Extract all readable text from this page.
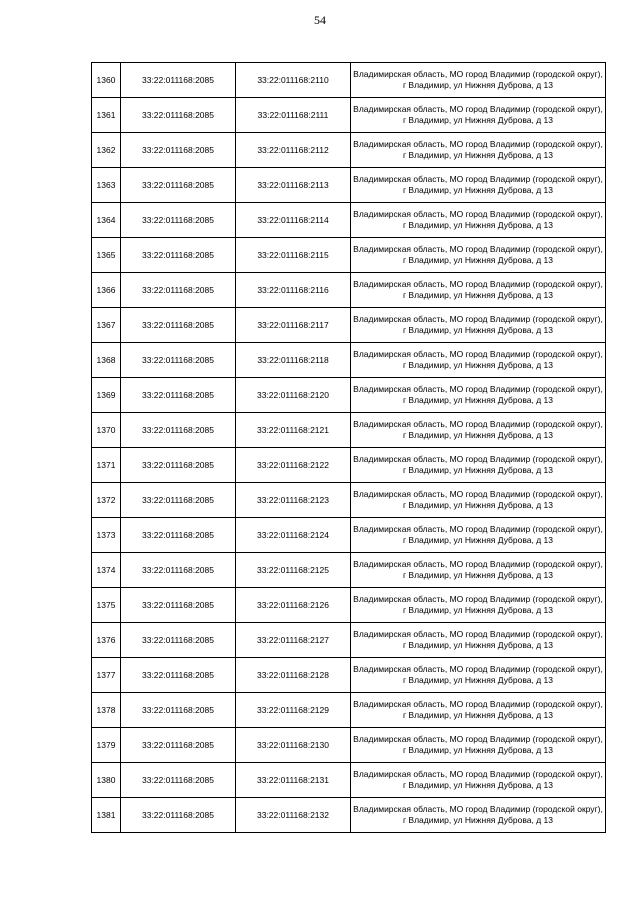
54
1360	33:22:011168:2085	33:22:011168:2110	Владимирская область, МО город Владимир (городской округ), г Владимир, ул Нижняя Дуброва, д 13
1361	33:22:011168:2085	33:22:011168:2111	Владимирская область, МО город Владимир (городской округ), г Владимир, ул Нижняя Дуброва, д 13
1362	33:22:011168:2085	33:22:011168:2112	Владимирская область, МО город Владимир (городской округ), г Владимир, ул Нижняя Дуброва, д 13
1363	33:22:011168:2085	33:22:011168:2113	Владимирская область, МО город Владимир (городской округ), г Владимир, ул Нижняя Дуброва, д 13
1364	33:22:011168:2085	33:22:011168:2114	Владимирская область, МО город Владимир (городской округ), г Владимир, ул Нижняя Дуброва, д 13
1365	33:22:011168:2085	33:22:011168:2115	Владимирская область, МО город Владимир (городской округ), г Владимир, ул Нижняя Дуброва, д 13
1366	33:22:011168:2085	33:22:011168:2116	Владимирская область, МО город Владимир (городской округ), г Владимир, ул Нижняя Дуброва, д 13
1367	33:22:011168:2085	33:22:011168:2117	Владимирская область, МО город Владимир (городской округ), г Владимир, ул Нижняя Дуброва, д 13
1368	33:22:011168:2085	33:22:011168:2118	Владимирская область, МО город Владимир (городской округ), г Владимир, ул Нижняя Дуброва, д 13
1369	33:22:011168:2085	33:22:011168:2120	Владимирская область, МО город Владимир (городской округ), г Владимир, ул Нижняя Дуброва, д 13
1370	33:22:011168:2085	33:22:011168:2121	Владимирская область, МО город Владимир (городской округ), г Владимир, ул Нижняя Дуброва, д 13
1371	33:22:011168:2085	33:22:011168:2122	Владимирская область, МО город Владимир (городской округ), г Владимир, ул Нижняя Дуброва, д 13
1372	33:22:011168:2085	33:22:011168:2123	Владимирская область, МО город Владимир (городской округ), г Владимир, ул Нижняя Дуброва, д 13
1373	33:22:011168:2085	33:22:011168:2124	Владимирская область, МО город Владимир (городской округ), г Владимир, ул Нижняя Дуброва, д 13
1374	33:22:011168:2085	33:22:011168:2125	Владимирская область, МО город Владимир (городской округ), г Владимир, ул Нижняя Дуброва, д 13
1375	33:22:011168:2085	33:22:011168:2126	Владимирская область, МО город Владимир (городской округ), г Владимир, ул Нижняя Дуброва, д 13
1376	33:22:011168:2085	33:22:011168:2127	Владимирская область, МО город Владимир (городской округ), г Владимир, ул Нижняя Дуброва, д 13
1377	33:22:011168:2085	33:22:011168:2128	Владимирская область, МО город Владимир (городской округ), г Владимир, ул Нижняя Дуброва, д 13
1378	33:22:011168:2085	33:22:011168:2129	Владимирская область, МО город Владимир (городской округ), г Владимир, ул Нижняя Дуброва, д 13
1379	33:22:011168:2085	33:22:011168:2130	Владимирская область, МО город Владимир (городской округ), г Владимир, ул Нижняя Дуброва, д 13
1380	33:22:011168:2085	33:22:011168:2131	Владимирская область, МО город Владимир (городской округ), г Владимир, ул Нижняя Дуброва, д 13
1381	33:22:011168:2085	33:22:011168:2132	Владимирская область, МО город Владимир (городской округ), г Владимир, ул Нижняя Дуброва, д 13
